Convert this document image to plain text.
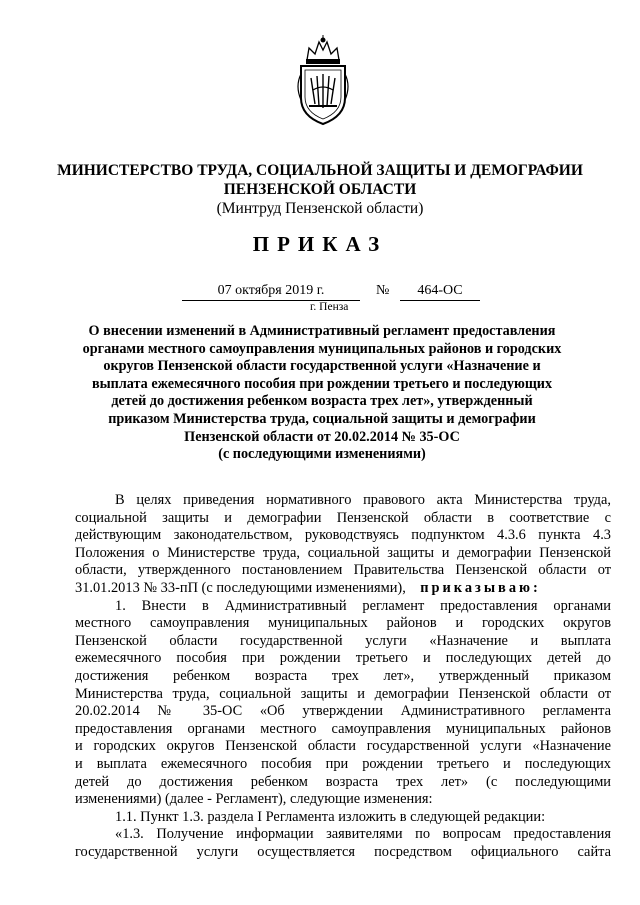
МИНИСТЕРСТВО ТРУДА, СОЦИАЛЬНОЙ ЗАЩИТЫ И ДЕМОГРАФИИ
ПЕНЗЕНСКОЙ ОБЛАСТИ
(Минтруд Пензенской области)
ПРИКАЗ
07 октября 2019 г.	№	464-ОС
г. Пенза
О внесении изменений в Административный регламент предоставления
органами местного самоуправления муниципальных районов и городских
округов Пензенской области государственной услуги «Назначение и
выплата ежемесячного пособия при рождении третьего и последующих
детей до достижения ребенком возраста трех лет», утвержденный
приказом Министерства труда, социальной защиты и демографии
Пензенской области от 20.02.2014 № 35-ОС
(с последующими изменениями)
В целях приведения нормативного правового акта Министерства труда,
социальной защиты и демографии Пензенской области в соответствие с
действующим законодательством, руководствуясь подпунктом 4.3.6 пункта 4.3
Положения о Министерстве труда, социальной защиты и демографии Пензенской
области, утвержденного постановлением Правительства Пензенской области от
31.01.2013 № 33-пП (с последующими изменениями), приказываю:
1. Внести в Административный регламент предоставления органами
местного самоуправления муниципальных районов и городских округов
Пензенской области государственной услуги «Назначение и выплата
ежемесячного пособия при рождении третьего и последующих детей до
достижения ребенком возраста трех лет», утвержденный приказом
Министерства труда, социальной защиты и демографии Пензенской области от
20.02.2014 № 35-ОС «Об утверждении Административного регламента
предоставления органами местного самоуправления муниципальных районов
и городских округов Пензенской области государственной услуги «Назначение
и выплата ежемесячного пособия при рождении третьего и последующих
детей до достижения ребенком возраста трех лет» (с последующими
изменениями) (далее - Регламент), следующие изменения:
1.1. Пункт 1.3. раздела I Регламента изложить в следующей редакции:
«1.3. Получение информации заявителями по вопросам предоставления
государственной услуги осуществляется посредством официального сайта
